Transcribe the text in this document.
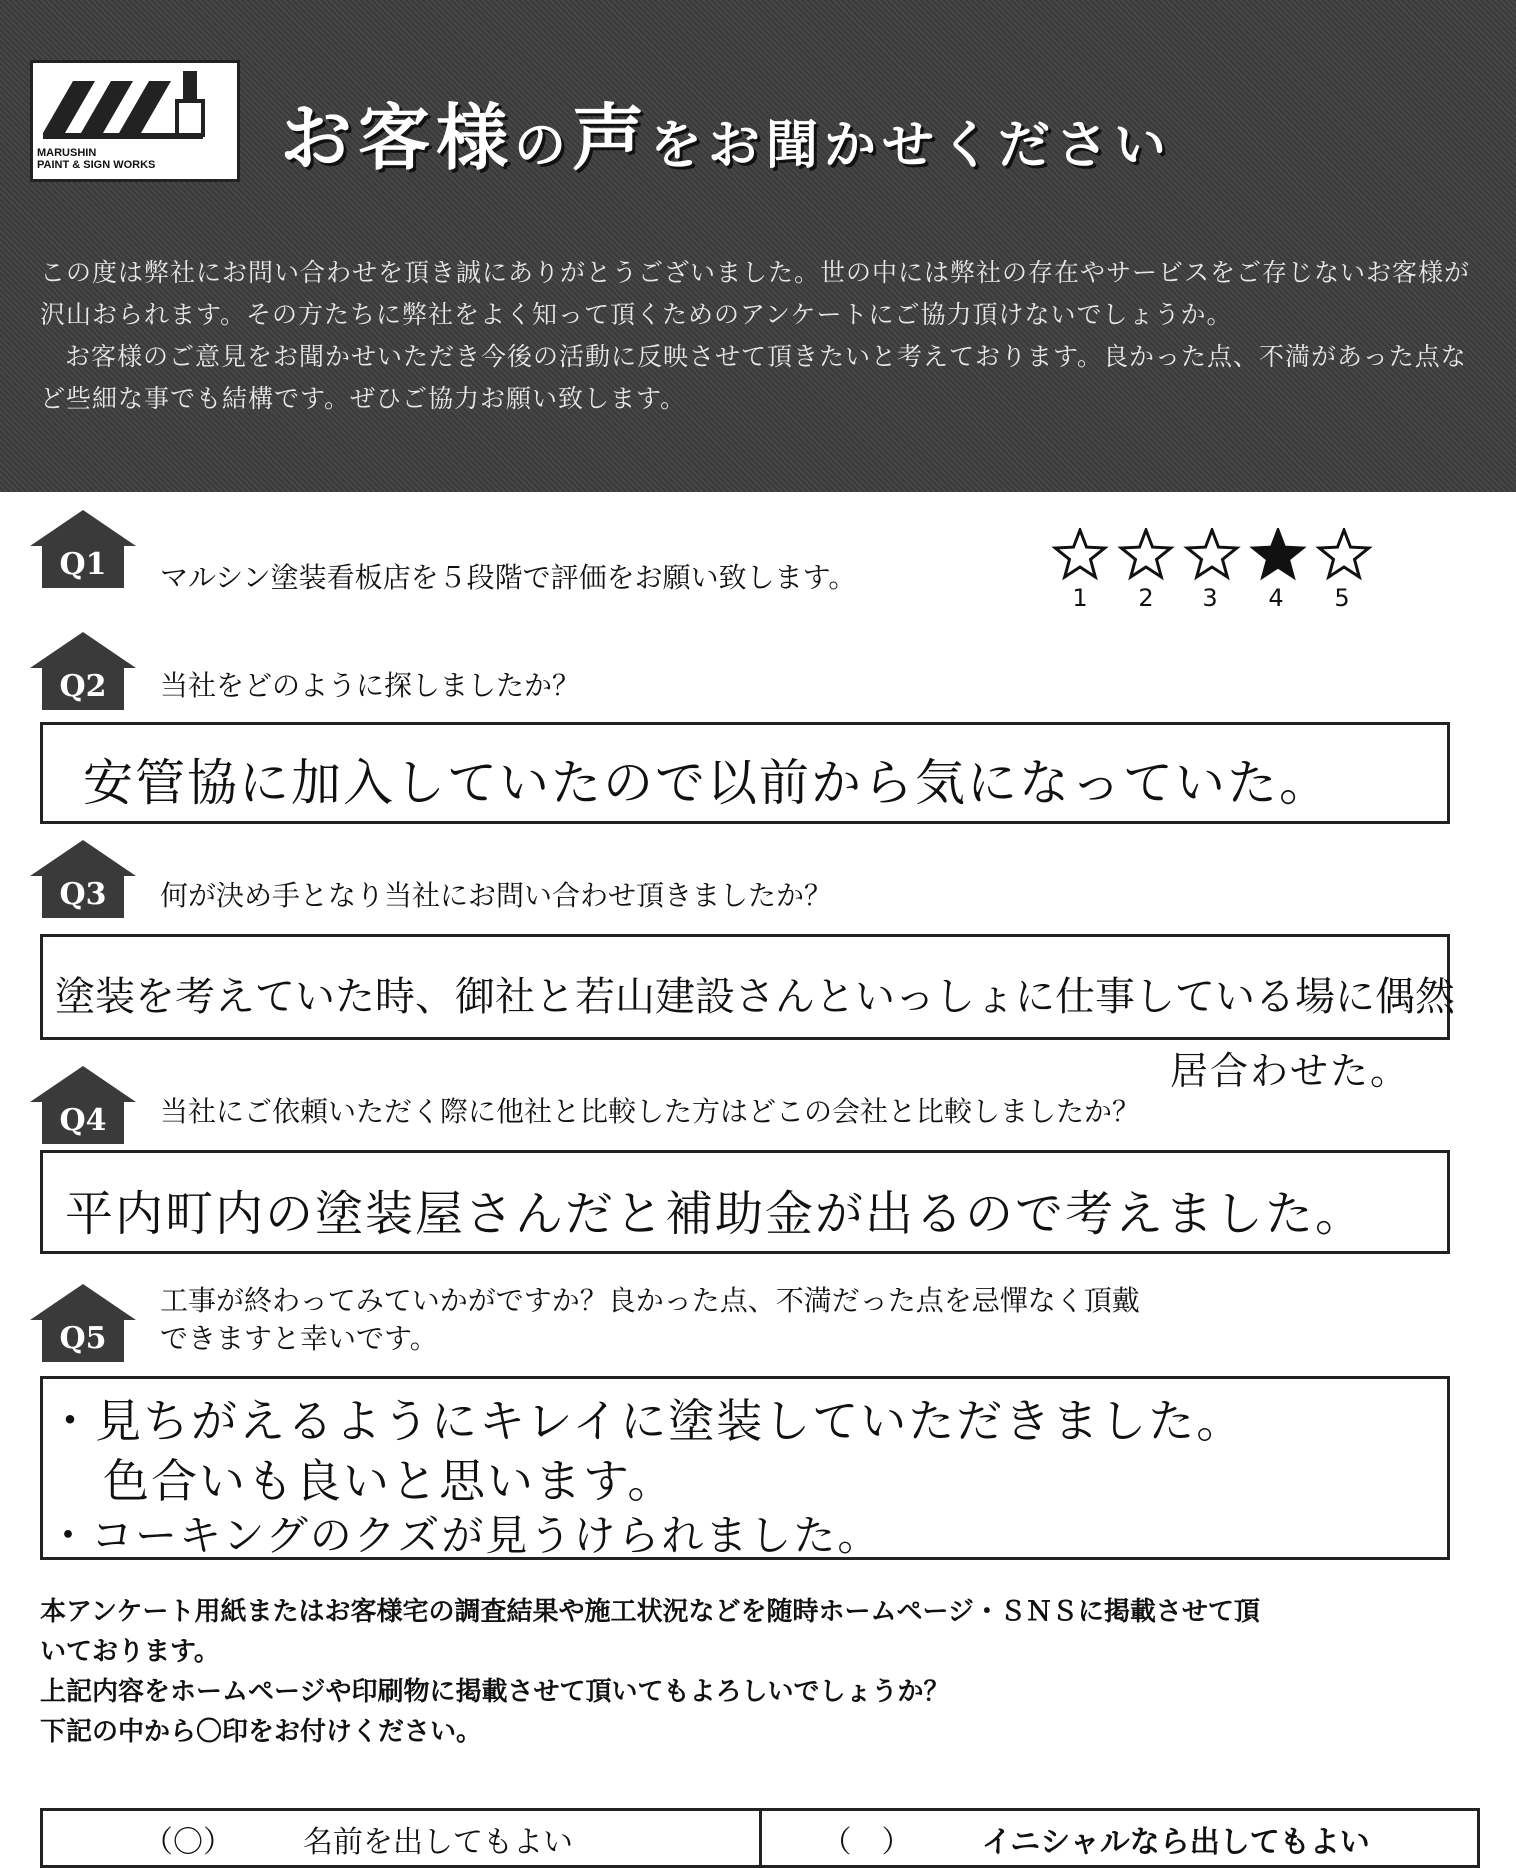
MARUSHIN
PAINT & SIGN WORKS お客様の声をお聞かせください
この度は弊社にお問い合わせを頂き誠にありがとうございました。世の中には弊社の存在やサービスをご存じないお客様が沢山おられます。その方たちに弊社をよく知って頂くためのアンケートにご協力頂けないでしょうか。
お客様のご意見をお聞かせいただき今後の活動に反映させて頂きたいと考えております。良かった点、不満があった点など些細な事でも結構です。ぜひご協力お願い致します。
Q1 マルシン塗装看板店を５段階で評価をお願い致します。
1	2	3	4	5
Q2 当社をどのように探しましたか？
安管協に加入していたので以前から気になっていた。
Q3 何が決め手となり当社にお問い合わせ頂きましたか？
塗装を考えていた時、御社と若山建設さんといっしょに仕事している場に偶然
居合わせた。
Q4 当社にご依頼いただく際に他社と比較した方はどこの会社と比較しましたか？
平内町内の塗装屋さんだと補助金が出るので考えました。
Q5
工事が終わってみていかがですか？良かった点、不満だった点を忌憚なく頂戴
できますと幸いです。
・見ちがえるようにキレイに塗装していただきました。
色合いも良いと思います。
・コーキングのクズが見うけられました。
本アンケート用紙またはお客様宅の調査結果や施工状況などを随時ホームページ・ＳＮＳに掲載させて頂
いております。
上記内容をホームページや印刷物に掲載させて頂いてもよろしいでしょうか？
下記の中から〇印をお付けください。
（〇） 名前を出してもよい	（　） イニシャルなら出してもよい
